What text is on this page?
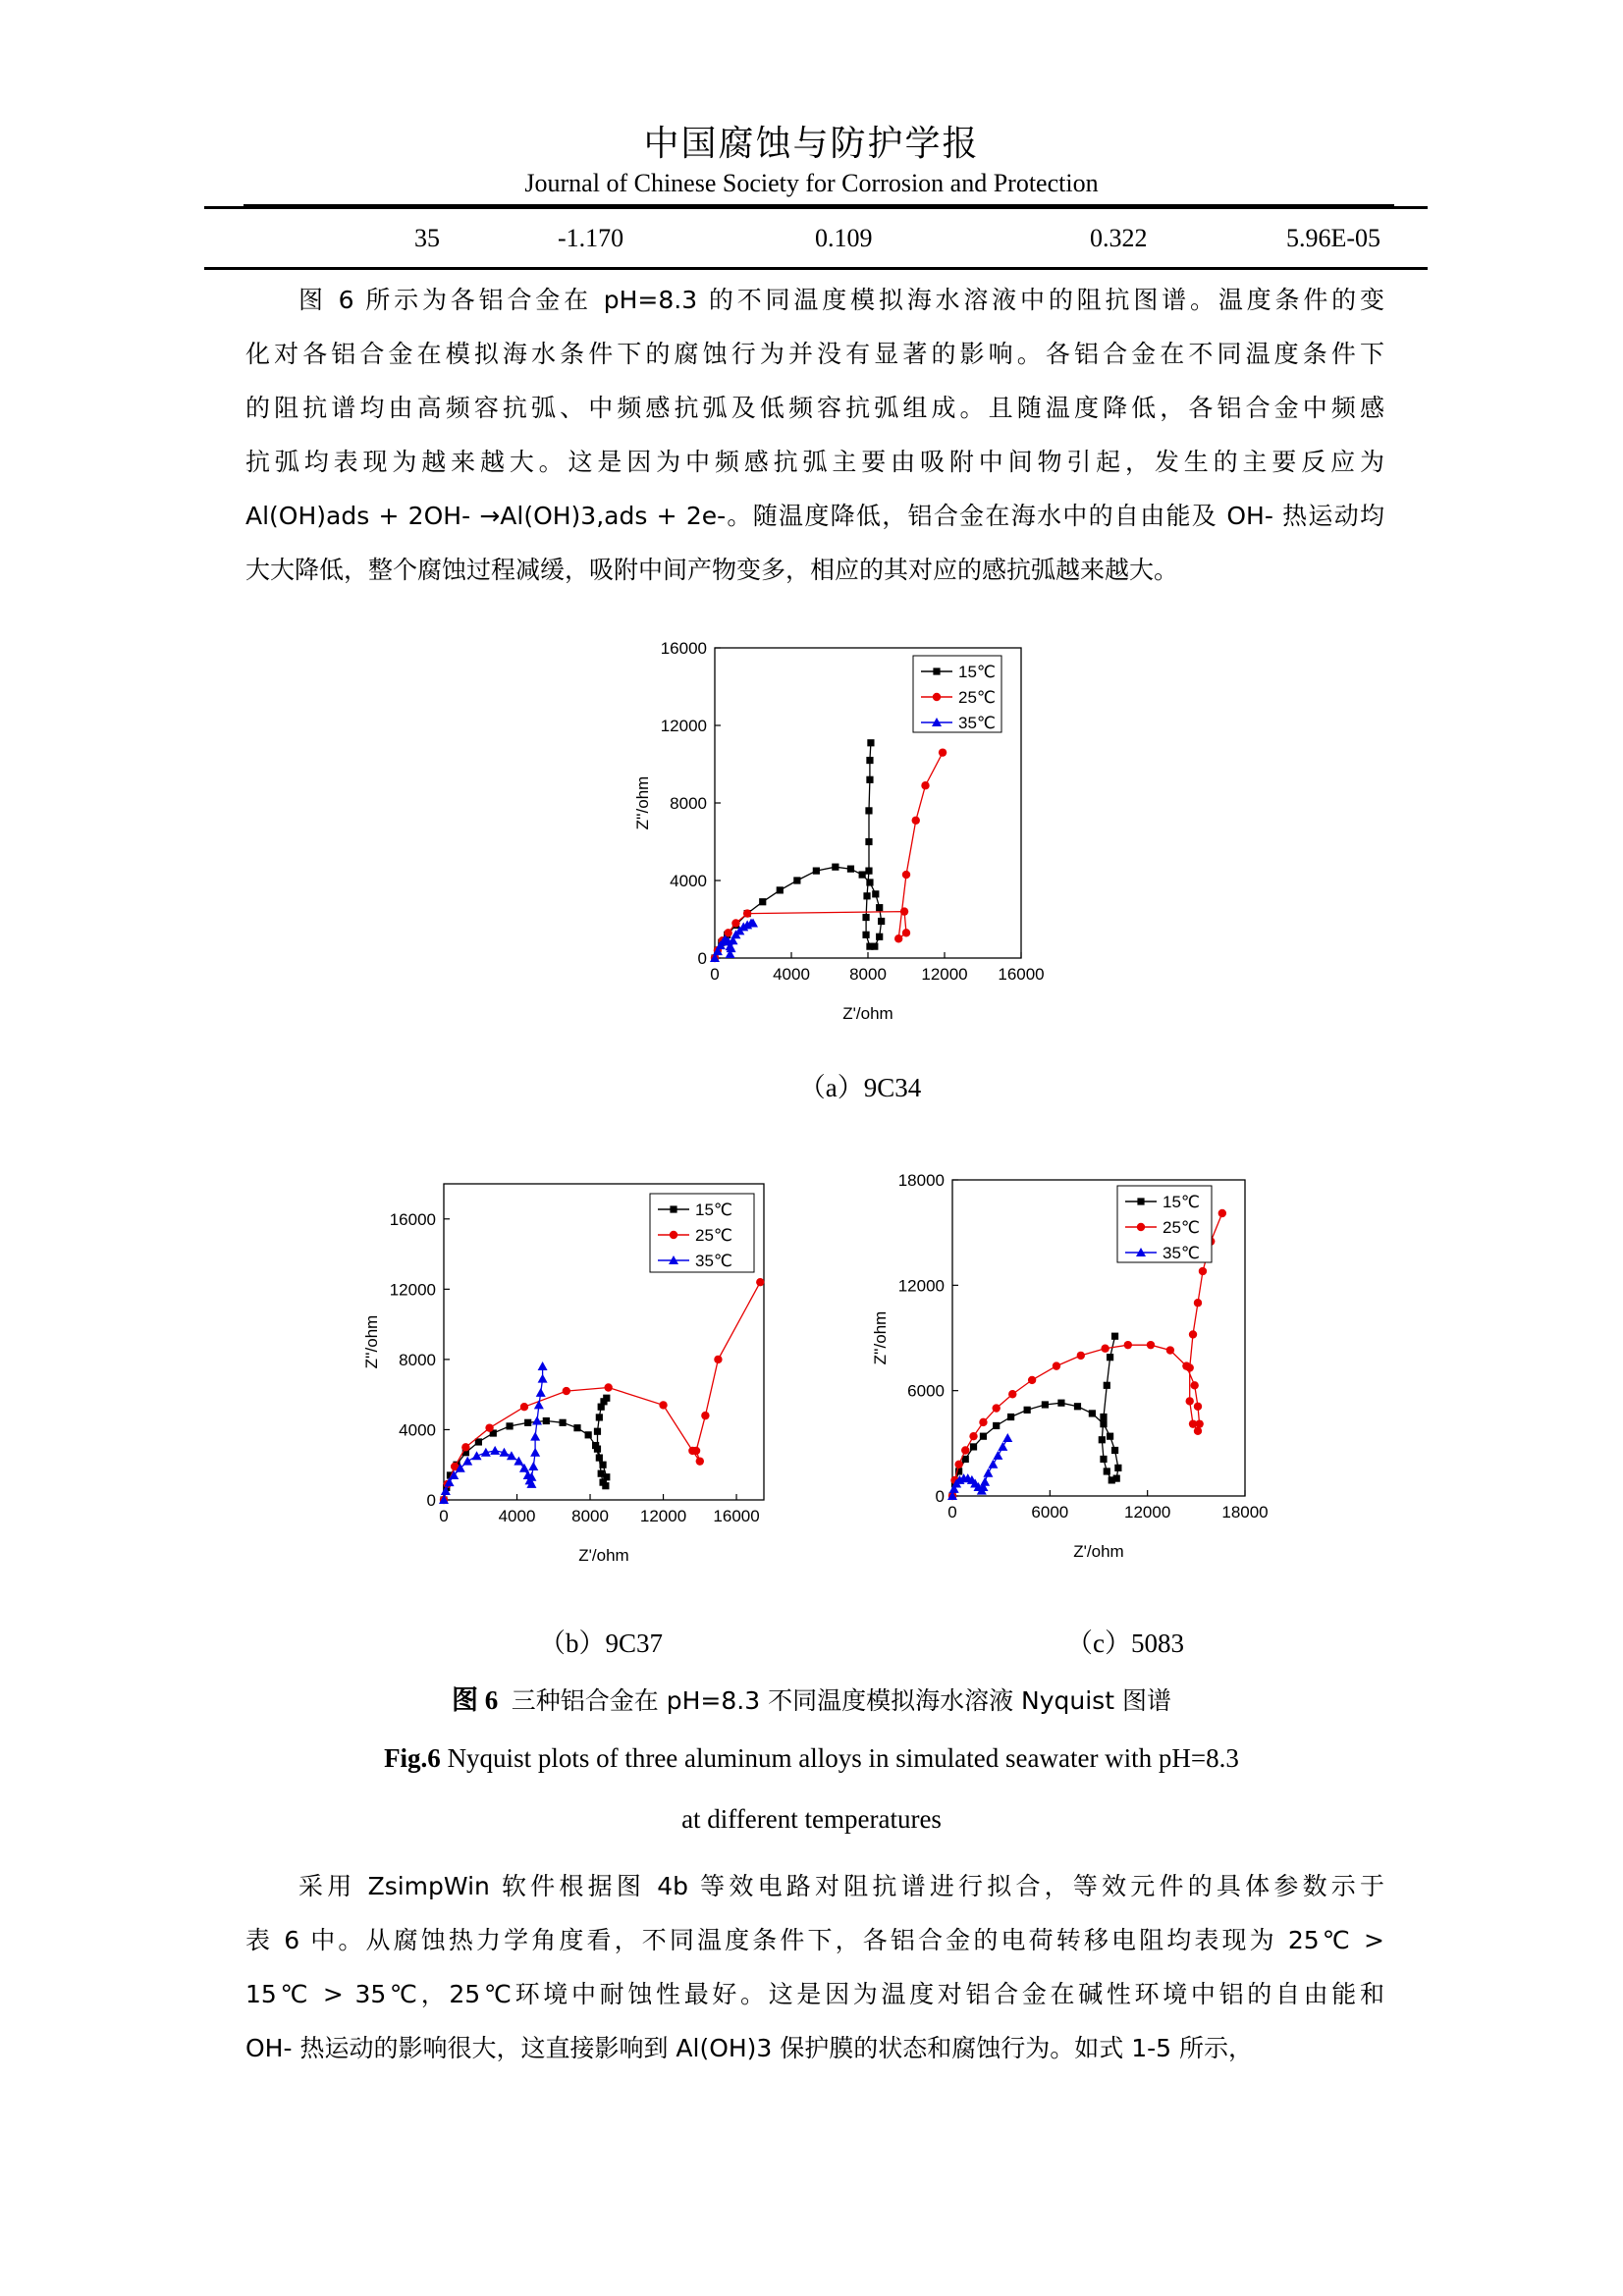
中国腐蚀与防护学报
Journal of Chinese Society for Corrosion and Protection
35	-1.170	0.109	0.322	5.96E-05

图 6 所示为各铝合金在 pH=8.3 的不同温度模拟海水溶液中的阻抗图谱。温度条件的变

化对各铝合金在模拟海水条件下的腐蚀行为并没有显著的影响。各铝合金在不同温度条件下

的阻抗谱均由高频容抗弧、中频感抗弧及低频容抗弧组成。且随温度降低，各铝合金中频感

抗弧均表现为越来越大。这是因为中频感抗弧主要由吸附中间物引起，发生的主要反应为

Al(OH)ads + 2OH- →Al(OH)3,ads + 2e-。随温度降低，铝合金在海水中的自由能及 OH- 热运动均

大大降低，整个腐蚀过程减缓，吸附中间产物变多，相应的其对应的感抗弧越来越大。

0	4000 8000 12000 16000
0
4000
8000
12000
16000
Z'/ohm
Z''/ohm
15℃
25℃
35℃
（a）9C34
0	4000 8000 12000 16000
0
4000
8000
12000
16000
Z'/ohm
Z''/ohm
15℃
25℃
35℃
（b）9C37
0	6000	12000	18000
0
6000
12000
18000
Z'/ohm
Z''/ohm
15℃
25℃
35℃
（c）5083
图 6 三种铝合金在 pH=8.3 不同温度模拟海水溶液 Nyquist 图谱
Fig.6 Nyquist plots of three aluminum alloys in simulated seawater with pH=8.3
at different temperatures

采用 ZsimpWin 软件根据图 4b 等效电路对阻抗谱进行拟合，等效元件的具体参数示于

表 6 中。从腐蚀热力学角度看，不同温度条件下，各铝合金的电荷转移电阻均表现为 25℃ >

15℃ > 35℃，25℃环境中耐蚀性最好。这是因为温度对铝合金在碱性环境中铝的自由能和

OH- 热运动的影响很大，这直接影响到 Al(OH)3 保护膜的状态和腐蚀行为。如式 1-5 所示，
